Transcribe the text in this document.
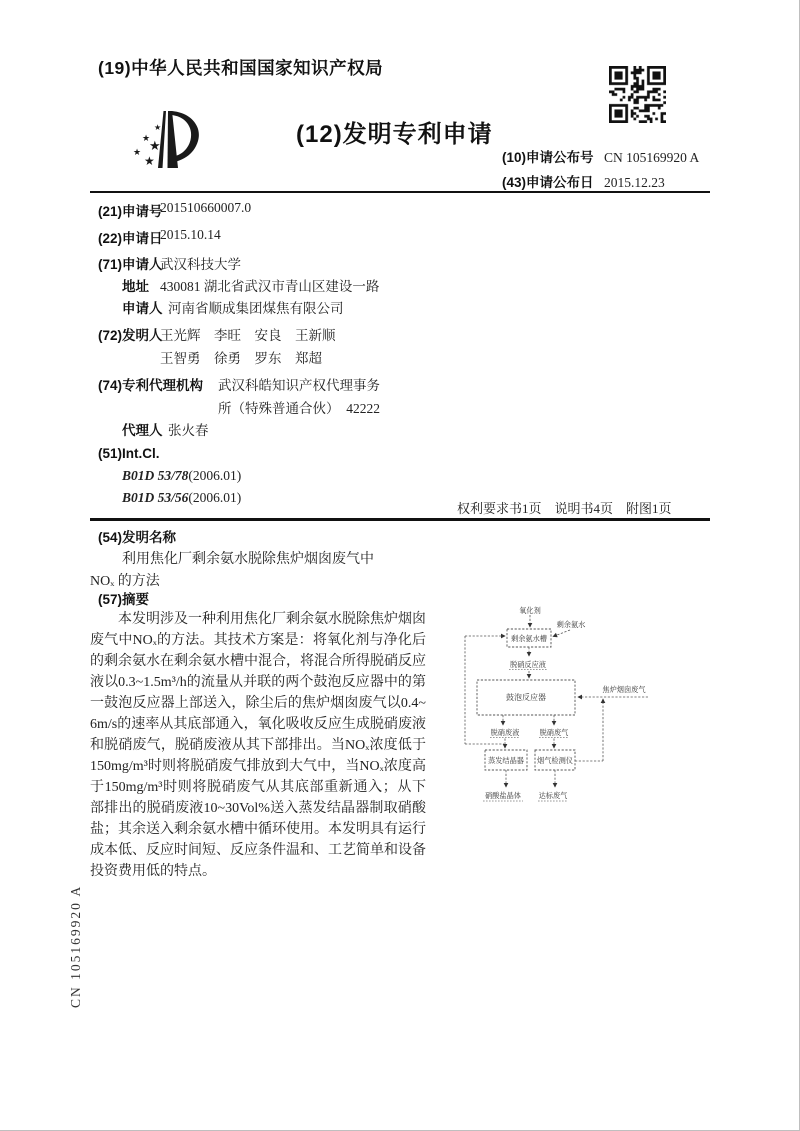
(19)中华人民共和国国家知识产权局
★
★
★
★
★
(12)发明专利申请
(10)申请公布号 CN 105169920 A
(43)申请公布日 2015.12.23
(21)申请号
201510660007.0
(22)申请日
2015.10.14
(71)申请人
武汉科技大学
地址 430081 湖北省武汉市青山区建设一路
申请人 河南省顺成集团煤焦有限公司
(72)发明人
王光辉　李旺　安良　王新顺
王智勇　徐勇　罗东　郑超
(74)专利代理机构 武汉科皓知识产权代理事务
所（特殊普通合伙）　42222
代理人 张火春
(51)Int.Cl.
B01D 53/78(2006.01)
B01D 53/56(2006.01)
权利要求书1页　说明书4页　附图1页
(54)发明名称
利用焦化厂剩余氨水脱除焦炉烟囱废气中
NOₓ 的方法
(57)摘要
本发明涉及一种利用焦化厂剩余氨水脱除焦炉烟囱废气中NOₓ的方法。其技术方案是：将氧化剂与净化后的剩余氨水在剩余氨水槽中混合，将混合所得脱硝反应液以0.3~1.5m³/h的流量从并联的两个鼓泡反应器中的第一鼓泡反应器上部送入，除尘后的焦炉烟囱废气以0.4~6m/s的速率从其底部通入，氧化吸收反应生成脱硝废液和脱硝废气，脱硝废液从其下部排出。当NOₓ浓度低于150mg/m³时则将脱硝废气排放到大气中，当NOₓ浓度高于150mg/m³时则将脱硝废气从其底部重新通入；从下部排出的脱硝废液10~30Vol%送入蒸发结晶器制取硝酸盐；其余送入剩余氨水槽中循环使用。本发明具有运行成本低、反应时间短、反应条件温和、工艺简单和设备投资费用低的特点。
氧化剂
剩余氨水槽
剩余氨水
脱硝反应液
鼓泡反应器
焦炉烟囱废气
脱硝废液	脱硝废气
蒸发结晶器 烟气检测仪
硝酸盐晶体 达标废气
CN 105169920 A
